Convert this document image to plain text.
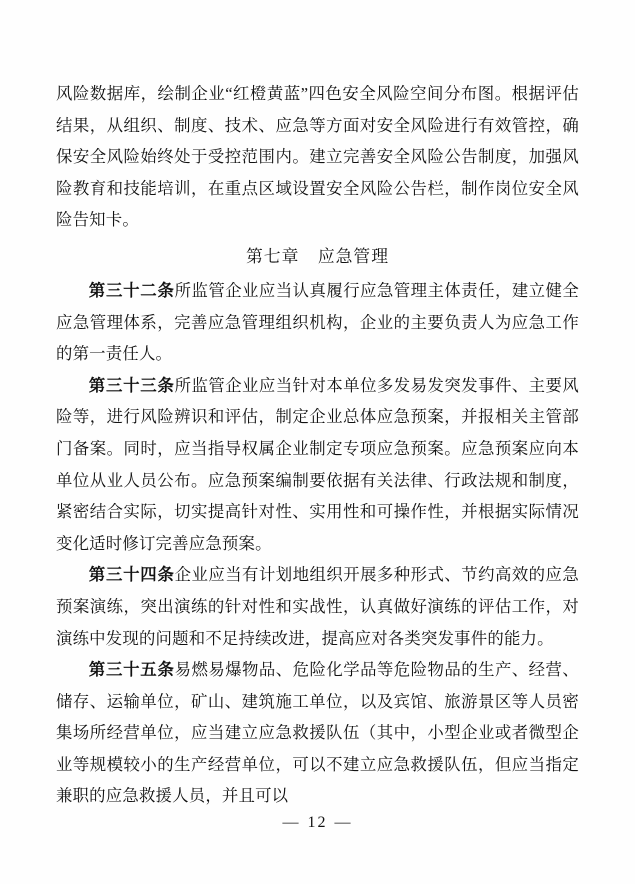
风险数据库，绘制企业“红橙黄蓝”四色安全风险空间分布图。根据评估结果，从组织、制度、技术、应急等方面对安全风险进行有效管控，确保安全风险始终处于受控范围内。建立完善安全风险公告制度，加强风险教育和技能培训，在重点区域设置安全风险公告栏，制作岗位安全风险告知卡。

第七章 应急管理

第三十二条所监管企业应当认真履行应急管理主体责任，建立健全应急管理体系，完善应急管理组织机构，企业的主要负责人为应急工作的第一责任人。

第三十三条所监管企业应当针对本单位多发易发突发事件、主要风险等，进行风险辨识和评估，制定企业总体应急预案，并报相关主管部门备案。同时，应当指导权属企业制定专项应急预案。应急预案应向本单位从业人员公布。应急预案编制要依据有关法律、行政法规和制度，紧密结合实际，切实提高针对性、实用性和可操作性，并根据实际情况变化适时修订完善应急预案。

第三十四条企业应当有计划地组织开展多种形式、节约高效的应急预案演练，突出演练的针对性和实战性，认真做好演练的评估工作，对演练中发现的问题和不足持续改进，提高应对各类突发事件的能力。

第三十五条易燃易爆物品、危险化学品等危险物品的生产、经营、储存、运输单位，矿山、建筑施工单位，以及宾馆、旅游景区等人员密集场所经营单位，应当建立应急救援队伍（其中，小型企业或者微型企业等规模较小的生产经营单位，可以不建立应急救援队伍，但应当指定兼职的应急救援人员，并且可以

— 12 —
